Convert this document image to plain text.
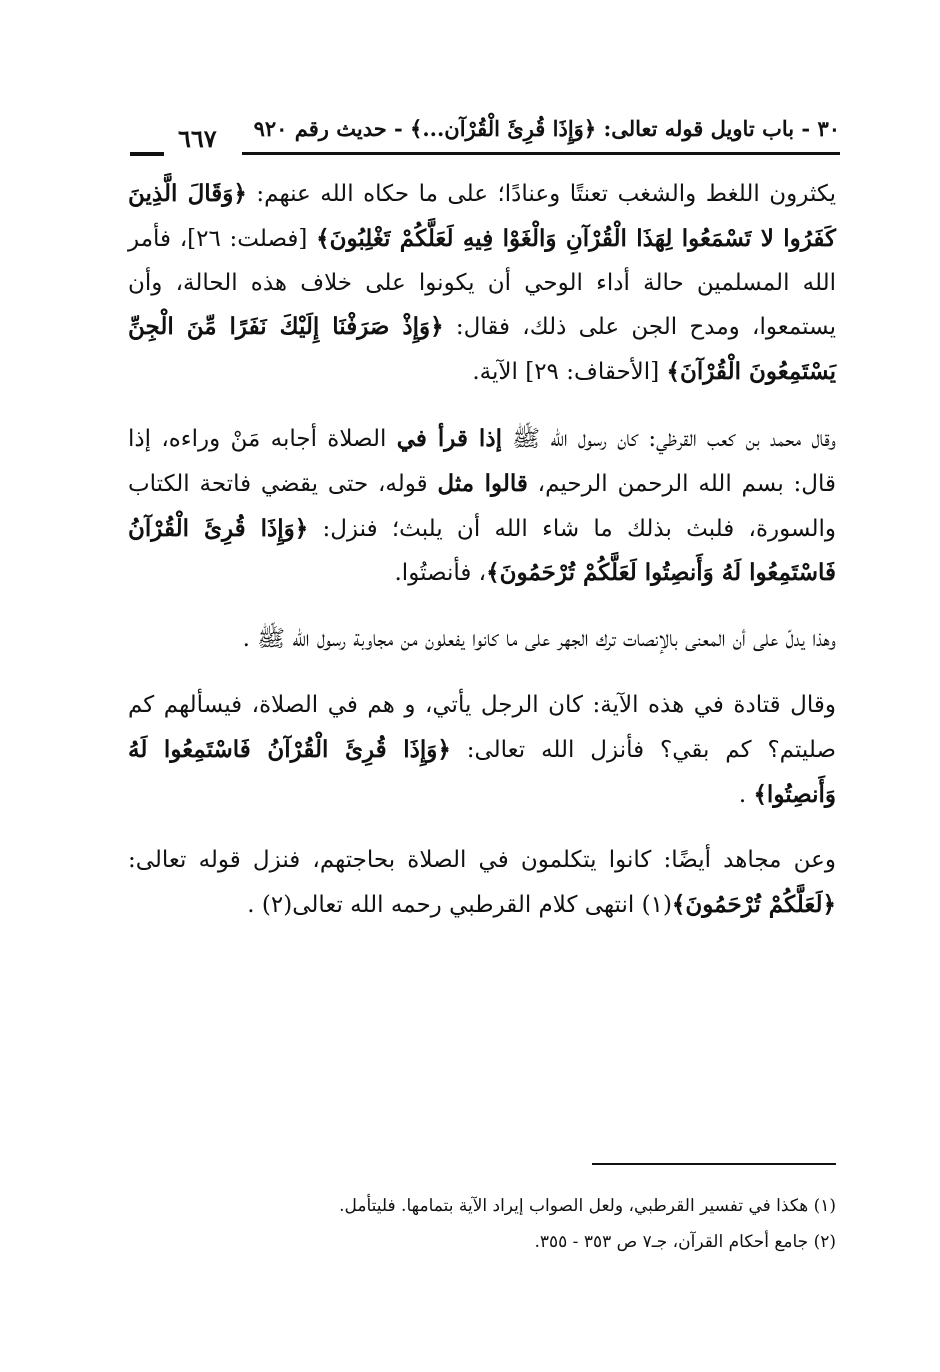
٣٠ - باب تاويل قوله تعالى: ﴿وَإِذَا قُرِئَ الْقُرْآن...﴾ - حديث رقم ٩٢٠
٦٦٧

يكثرون اللغط والشغب تعنتًا وعنادًا؛ على ما حكاه الله عنهم: ﴿وَقَالَ الَّذِينَ كَفَرُوا لا تَسْمَعُوا لِهَذَا الْقُرْآنِ وَالْغَوْا فِيهِ لَعَلَّكُمْ تَغْلِبُونَ﴾ [فصلت: ٢٦]، فأمر الله المسلمين حالة أداء الوحي أن يكونوا على خلاف هذه الحالة، وأن يستمعوا، ومدح الجن على ذلك، فقال: ﴿وَإِذْ صَرَفْنَا إِلَيْكَ نَفَرًا مِّنَ الْجِنِّ يَسْتَمِعُونَ الْقُرْآنَ﴾ [الأحقاف: ٢٩] الآية.

وقال محمد بن كعب القرظي: كان رسول الله ﷺ إذا قرأ في الصلاة أجابه مَنْ وراءه، إذا قال: بسم الله الرحمن الرحيم، قالوا مثل قوله، حتى يقضي فاتحة الكتاب والسورة، فلبث بذلك ما شاء الله أن يلبث؛ فنزل: ﴿وَإِذَا قُرِئَ الْقُرْآنُ فَاسْتَمِعُوا لَهُ وَأَنصِتُوا لَعَلَّكُمْ تُرْحَمُونَ﴾، فأنصتُوا.

وهذا يدلّ على أن المعنى بالإنصات ترك الجهر على ما كانوا يفعلون من مجاوبة رسول الله ﷺ .

وقال قتادة في هذه الآية: كان الرجل يأتي، و هم في الصلاة، فيسألهم كم صليتم؟ كم بقي؟ فأنزل الله تعالى: ﴿وَإِذَا قُرِئَ الْقُرْآنُ فَاسْتَمِعُوا لَهُ وَأَنصِتُوا﴾ .

وعن مجاهد أيضًا: كانوا يتكلمون في الصلاة بحاجتهم، فنزل قوله تعالى: ﴿لَعَلَّكُمْ تُرْحَمُونَ﴾(١) انتهى كلام القرطبي رحمه الله تعالى(٢) .

(١) هكذا في تفسير القرطبي، ولعل الصواب إيراد الآية بتمامها. فليتأمل.
(٢) جامع أحكام القرآن، جـ٧ ص ٣٥٣ - ٣٥٥.
